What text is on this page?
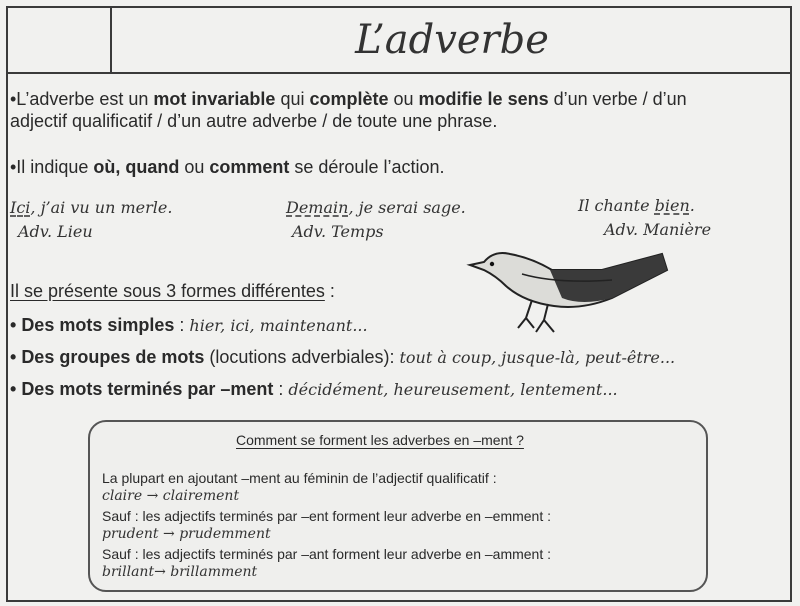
L’adverbe
•L’adverbe est un mot invariable qui complète ou modifie le sens d’un verbe / d’un
adjectif qualificatif / d’un autre adverbe / de toute une phrase.
•Il indique où, quand ou comment se déroule l’action.
Ici, j’ai vu un merle.
Adv. Lieu
Demain, je serai sage.
Adv. Temps
Il chante bien.
Adv. Manière
Il se présente sous 3 formes différentes :
• Des mots simples : hier, ici, maintenant...
• Des groupes de mots (locutions adverbiales): tout à coup, jusque-là, peut-être...
• Des mots terminés par –ment : décidément, heureusement, lentement...
Comment se forment les adverbes en –ment ?
La plupart en ajoutant –ment au féminin de l’adjectif qualificatif :
claire → clairement
Sauf : les adjectifs terminés par –ent forment leur adverbe en –emment :
prudent → prudemment
Sauf : les adjectifs terminés par –ant forment leur adverbe en –amment :
brillant→ brillamment
